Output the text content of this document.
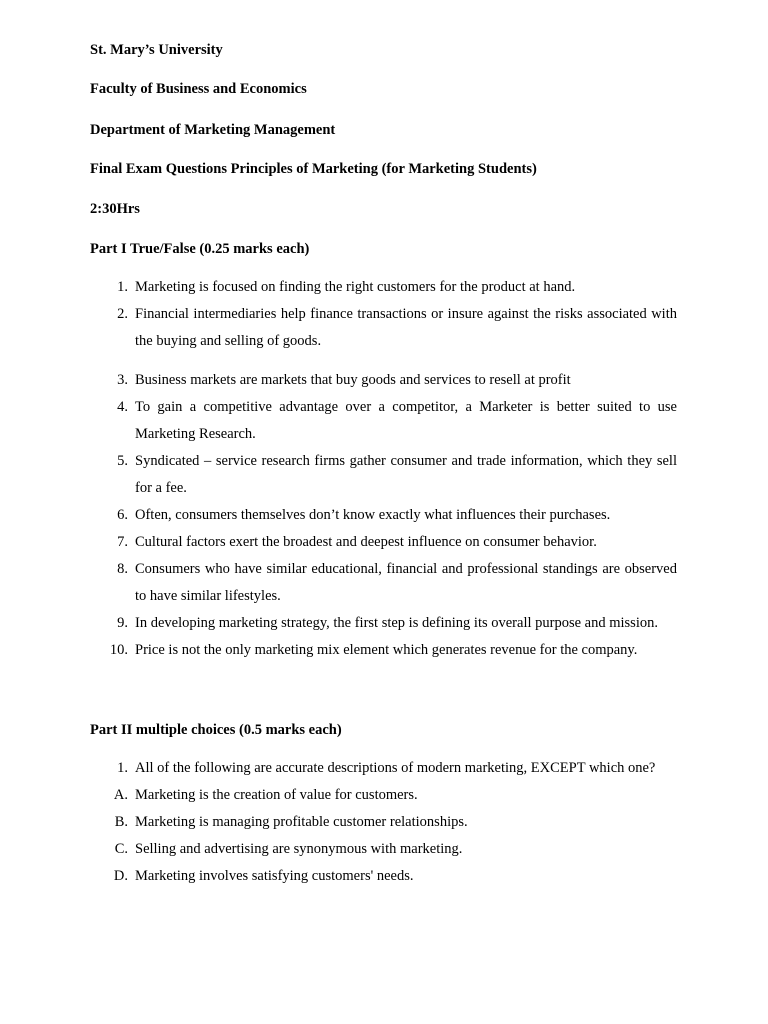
St. Mary’s University
Faculty of Business and Economics
Department of Marketing Management
Final Exam Questions Principles of Marketing (for Marketing Students)
2:30Hrs
Part I True/False (0.25 marks each)
1. Marketing is focused on finding the right customers for the product at hand.
2. Financial intermediaries help finance transactions or insure against the risks associated with the buying and selling of goods.
3. Business markets are markets that buy goods and services to resell at profit
4. To gain a competitive advantage over a competitor, a Marketer is better suited to use Marketing Research.
5. Syndicated – service research firms gather consumer and trade information, which they sell for a fee.
6. Often, consumers themselves don’t know exactly what influences their purchases.
7. Cultural factors exert the broadest and deepest influence on consumer behavior.
8. Consumers who have similar educational, financial and professional standings are observed to have similar lifestyles.
9. In developing marketing strategy, the first step is defining its overall purpose and mission.
10. Price is not the only marketing mix element which generates revenue for the company.
Part II multiple choices (0.5 marks each)
1. All of the following are accurate descriptions of modern marketing, EXCEPT which one?
A. Marketing is the creation of value for customers.
B. Marketing is managing profitable customer relationships.
C. Selling and advertising are synonymous with marketing.
D. Marketing involves satisfying customers' needs.
